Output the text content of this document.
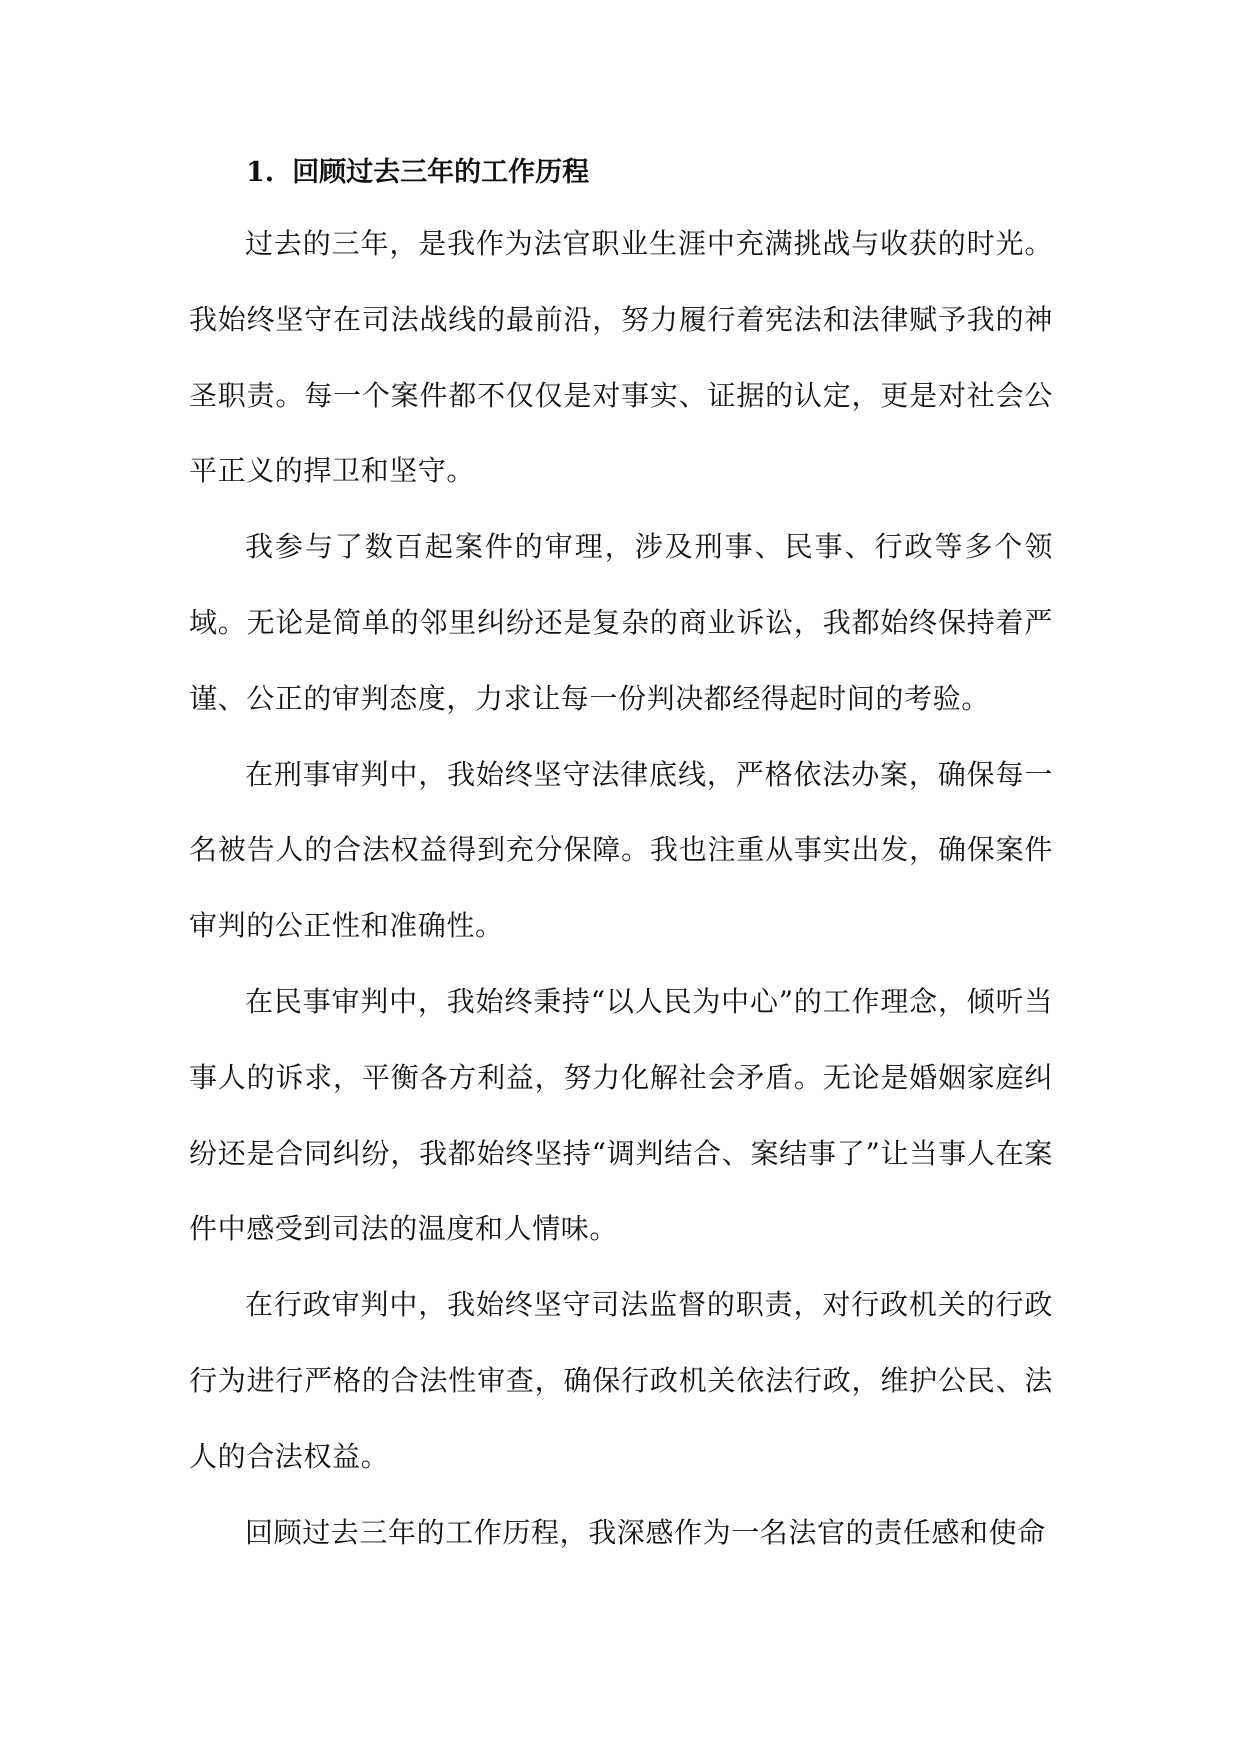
1. 回顾过去三年的工作历程

过去的三年，是我作为法官职业生涯中充满挑战与收获的时光。我始终坚守在司法战线的最前沿，努力履行着宪法和法律赋予我的神圣职责。每一个案件都不仅仅是对事实、证据的认定，更是对社会公平正义的捍卫和坚守。

我参与了数百起案件的审理，涉及刑事、民事、行政等多个领域。无论是简单的邻里纠纷还是复杂的商业诉讼，我都始终保持着严谨、公正的审判态度，力求让每一份判决都经得起时间的考验。

在刑事审判中，我始终坚守法律底线，严格依法办案，确保每一名被告人的合法权益得到充分保障。我也注重从事实出发，确保案件审判的公正性和准确性。

在民事审判中，我始终秉持“以人民为中心”的工作理念，倾听当事人的诉求，平衡各方利益，努力化解社会矛盾。无论是婚姻家庭纠纷还是合同纠纷，我都始终坚持“调判结合、案结事了”让当事人在案件中感受到司法的温度和人情味。

在行政审判中，我始终坚守司法监督的职责，对行政机关的行政行为进行严格的合法性审查，确保行政机关依法行政，维护公民、法人的合法权益。

回顾过去三年的工作历程，我深感作为一名法官的责任感和使命
